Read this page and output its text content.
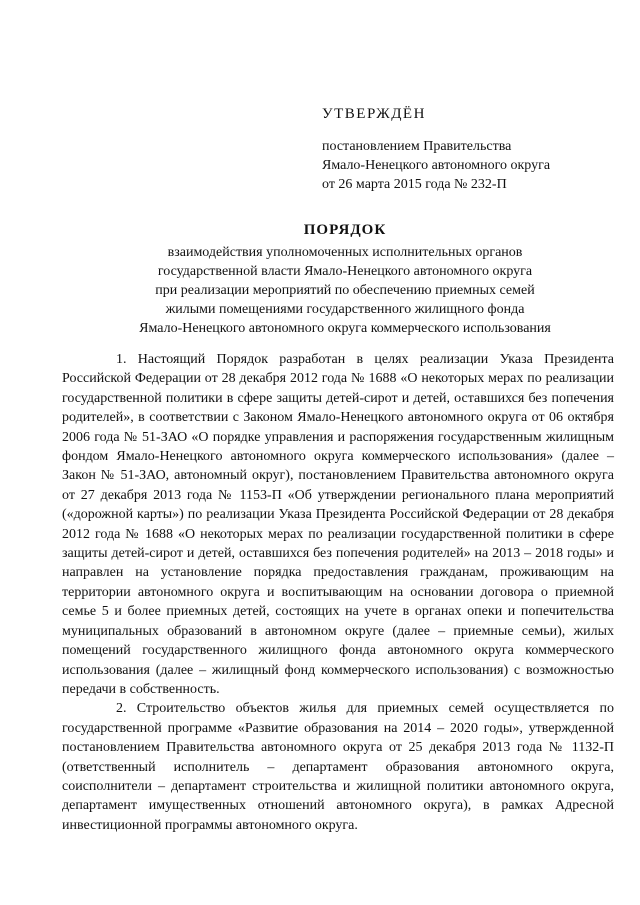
УТВЕРЖДЁН
постановлением Правительства
Ямало-Ненецкого автономного округа
от 26 марта 2015 года № 232-П
ПОРЯДОК
взаимодействия уполномоченных исполнительных органов
государственной власти Ямало-Ненецкого автономного округа
при реализации мероприятий по обеспечению приемных семей
жилыми помещениями государственного жилищного фонда
Ямало-Ненецкого автономного округа коммерческого использования

1. Настоящий Порядок разработан в целях реализации Указа Президента Российской Федерации от 28 декабря 2012 года № 1688 «О некоторых мерах по реализации государственной политики в сфере защиты детей-сирот и детей, оставшихся без попечения родителей», в соответствии с Законом Ямало-Ненецкого автономного округа от 06 октября 2006 года № 51-ЗАО «О порядке управления и распоряжения государственным жилищным фондом Ямало-Ненецкого автономного округа коммерческого использования» (далее – Закон № 51-ЗАО, автономный округ), постановлением Правительства автономного округа от 27 декабря 2013 года № 1153-П «Об утверждении регионального плана мероприятий («дорожной карты») по реализации Указа Президента Российской Федерации от 28 декабря 2012 года № 1688 «О некоторых мерах по реализации государственной политики в сфере защиты детей-сирот и детей, оставшихся без попечения родителей» на 2013 – 2018 годы» и направлен на установление порядка предоставления гражданам, проживающим на территории автономного округа и воспитывающим на основании договора о приемной семье 5 и более приемных детей, состоящих на учете в органах опеки и попечительства муниципальных образований в автономном округе (далее – приемные семьи), жилых помещений государственного жилищного фонда автономного округа коммерческого использования (далее – жилищный фонд коммерческого использования) с возможностью передачи в собственность.

2. Строительство объектов жилья для приемных семей осуществляется по государственной программе «Развитие образования на 2014 – 2020 годы», утвержденной постановлением Правительства автономного округа от 25 декабря 2013 года № 1132-П (ответственный исполнитель – департамент образования автономного округа, соисполнители – департамент строительства и жилищной политики автономного округа, департамент имущественных отношений автономного округа), в рамках Адресной инвестиционной программы автономного округа.
